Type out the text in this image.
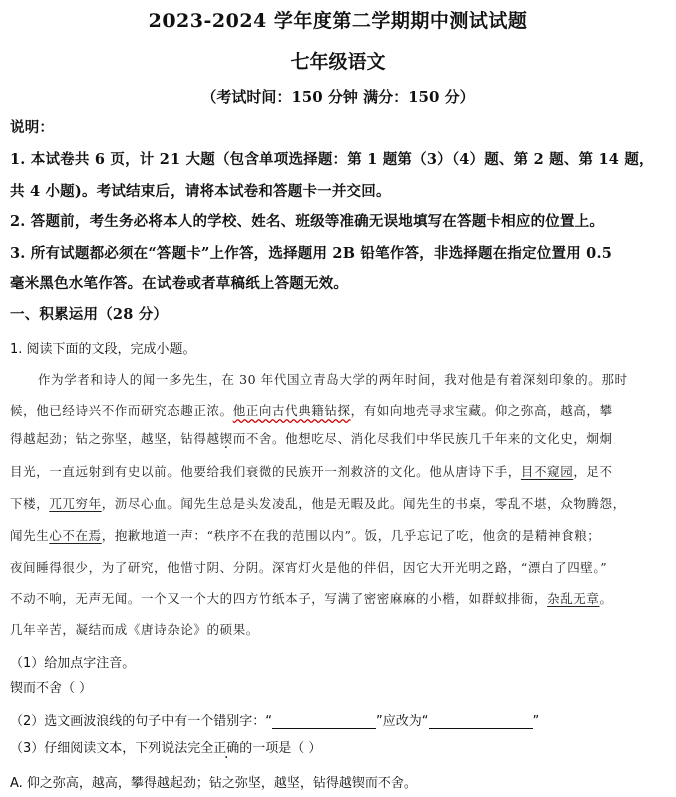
2023-2024 学年度第二学期期中测试试题
七年级语文
（考试时间：150 分钟 满分：150 分）
说明：
1. 本试卷共 6 页，计 21 大题（包含单项选择题：第 1 题第（3）（4）题、第 2 题、第 14 题，
共 4 小题)。考试结束后，请将本试卷和答题卡一并交回。
2. 答题前，考生务必将本人的学校、姓名、班级等准确无误地填写在答题卡相应的位置上。
3. 所有试题都必须在“答题卡”上作答，选择题用 2B 铅笔作答，非选择题在指定位置用 0.5
毫米黑色水笔作答。在试卷或者草稿纸上答题无效。
一、积累运用（28 分）
1. 阅读下面的文段，完成小题。
作为学者和诗人的闻一多先生，在 30 年代国立青岛大学的两年时间，我对他是有着深刻印象的。那时
候，他已经诗兴不作而研究态趣正浓。他正向古代典籍钻探，有如向地壳寻求宝藏。仰之弥高，越高，攀
得越起劲；钻之弥坚，越坚，钻得越锲而不舍。他想吃尽、消化尽我们中华民族几千年来的文化史，炯炯
目光，一直远射到有史以前。他要给我们衰微的民族开一剂救济的文化。他从唐诗下手，目不窥园，足不
下楼，兀兀穷年，沥尽心血。闻先生总是头发凌乱，他是无暇及此。闻先生的书桌，零乱不堪，众物腾怨，
闻先生心不在焉，抱歉地道一声：“秩序不在我的范围以内”。饭，几乎忘记了吃，他贪的是精神食粮；
夜间睡得很少，为了研究，他惜寸阴、分阴。深宵灯火是他的伴侣，因它大开光明之路，“漂白了四壁。”
不动不响，无声无闻。一个又一个大的四方竹纸本子，写满了密密麻麻的小楷，如群蚁排衙，杂乱无章。
几年辛苦，凝结而成《唐诗杂论》的硕果。
（1）给加点字注音。
锲而不舍（ ）
（2）选文画波浪线的句子中有一个错别字：“	”应改为“	”
（3）仔细阅读文本，下列说法完全正确的一项是（ ）
A. 仰之弥高，越高，攀得越起劲；钻之弥坚，越坚，钻得越锲而不舍。
